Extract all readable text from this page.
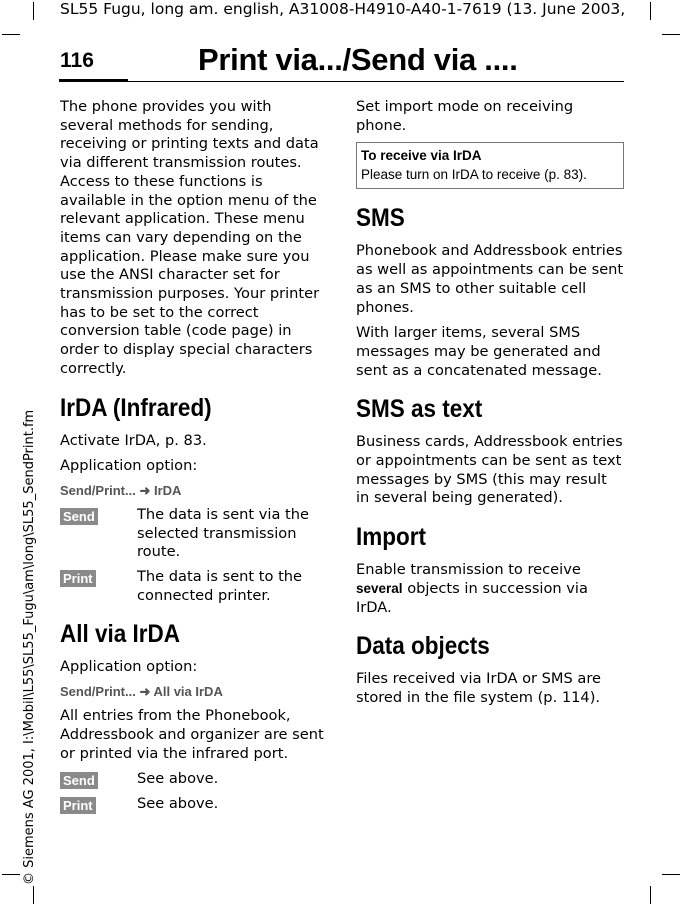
SL55 Fugu, long am. english, A31008-H4910-A40-1-7619 (13. June 2003,
© Siemens AG 2001, I:\Mobil\L55\SL55_Fugu\am\long\SL55_SendPrint.fm
116	Print via.../Send via ....

The phone provides you with several methods for sending, receiving or printing texts and data via different transmission routes. Access to these functions is available in the option menu of the relevant application. These menu items can vary depending on the application. Please make sure you use the ANSI character set for transmission purposes. Your printer has to be set to the correct conversion table (code page) in order to display special characters correctly.

IrDA (Infrared)

Activate IrDA, p. 83.

Application option:

Send/Print... ➜ IrDA
Send	The data is sent via the selected transmission route.
Print	The data is sent to the connected printer.
All via IrDA

Application option:

Send/Print... ➜ All via IrDA

All entries from the Phonebook, Addressbook and organizer are sent or printed via the infrared port.

Send	See above.
Print	See above.

Set import mode on receiving phone.

To receive via IrDA
Please turn on IrDA to receive (p. 83).
SMS

Phonebook and Addressbook entries as well as appointments can be sent as an SMS to other suitable cell phones.

With larger items, several SMS messages may be generated and sent as a concatenated message.

SMS as text

Business cards, Addressbook entries or appointments can be sent as text messages by SMS (this may result in several being generated).

Import

Enable transmission to receive several objects in succession via IrDA.

Data objects

Files received via IrDA or SMS are stored in the file system (p. 114).
